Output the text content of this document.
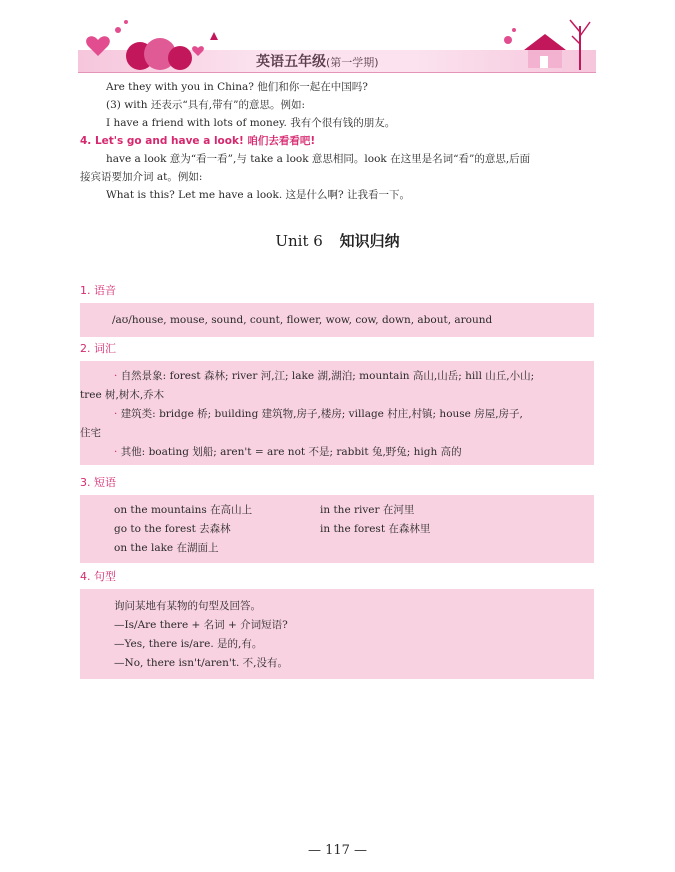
英语五年级(第一学期)

Are they with you in China? 他们和你一起在中国吗?

(3) with 还表示“具有,带有”的意思。例如:

I have a friend with lots of money. 我有个很有钱的朋友。

4. Let's go and have a look! 咱们去看看吧!

have a look 意为“看一看”,与 take a look 意思相同。look 在这里是名词“看”的意思,后面

接宾语要加介词 at。例如:

What is this? Let me have a look. 这是什么啊? 让我看一下。

Unit 6 知识归纳
1. 语音

/aʊ/house, mouse, sound, count, flower, wow, cow, down, about, around

2. 词汇

· 自然景象: forest 森林; river 河,江; lake 湖,湖泊; mountain 高山,山岳; hill 山丘,小山;

tree 树,树木,乔木

· 建筑类: bridge 桥; building 建筑物,房子,楼房; village 村庄,村镇; house 房屋,房子,

住宅

· 其他: boating 划船; aren't = are not 不是; rabbit 兔,野兔; high 高的

3. 短语

on the mountains 在高山上	in the river 在河里

go to the forest 去森林	in the forest 在森林里

on the lake 在湖面上

4. 句型

询问某地有某物的句型及回答。

—Is/Are there + 名词 + 介词短语?

—Yes, there is/are. 是的,有。

—No, there isn't/aren't. 不,没有。

— 117 —
